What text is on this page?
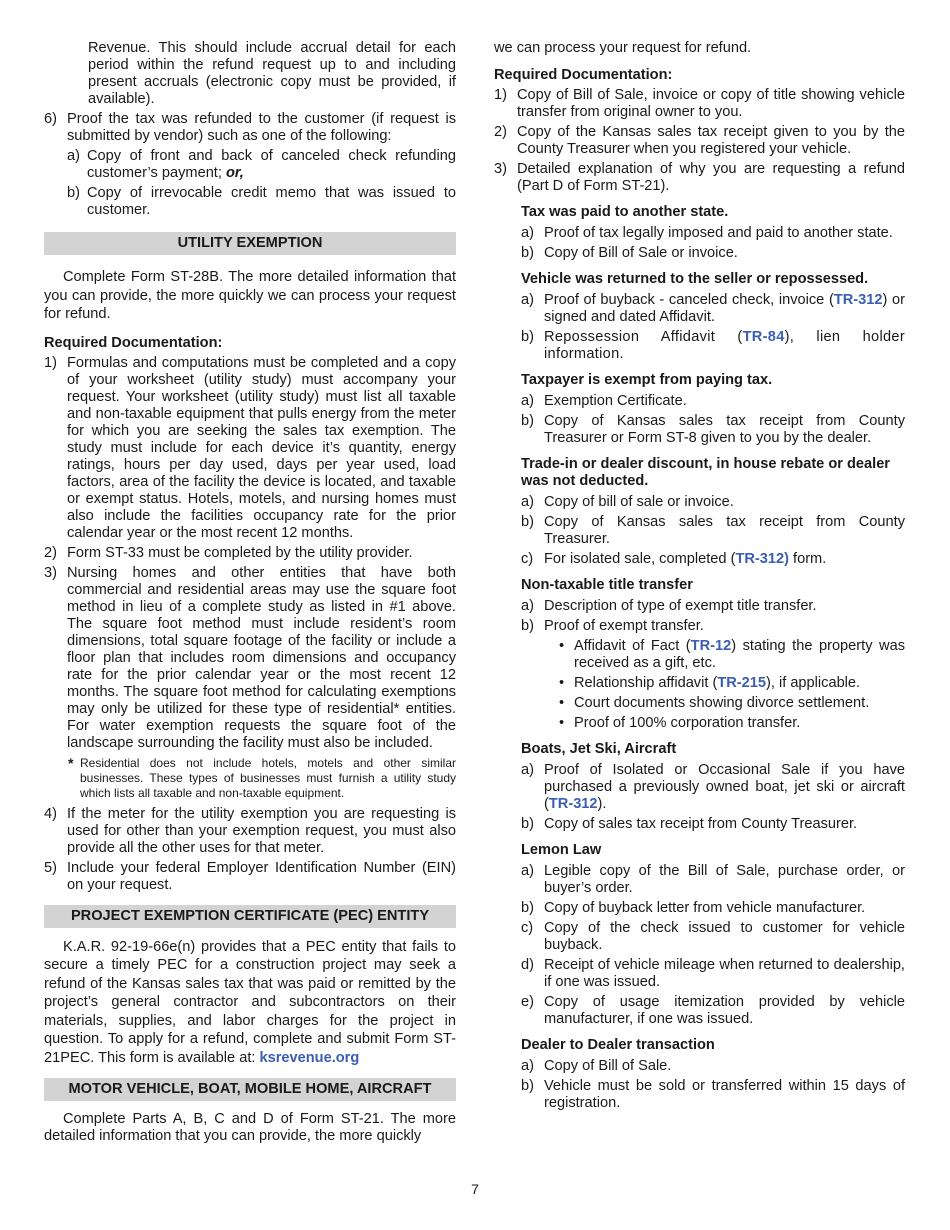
Revenue. This should include accrual detail for each period within the refund request up to and including present accruals (electronic copy must be provided, if available).

6) Proof the tax was refunded to the customer (if request is submitted by vendor) such as one of the following:
a) Copy of front and back of canceled check refunding customer’s payment; or,
b) Copy of irrevocable credit memo that was issued to customer.
UTILITY EXEMPTION

Complete Form ST-28B. The more detailed information that you can provide, the more quickly we can process your request for refund.

Required Documentation:

1) Formulas and computations must be completed and a copy of your worksheet (utility study) must accompany your request. Your worksheet (utility study) must list all taxable and non-taxable equipment that pulls energy from the meter for which you are seeking the sales tax exemption. The study must include for each device it’s quantity, energy ratings, hours per day used, days per year used, load factors, area of the facility the device is located, and taxable or exempt status. Hotels, motels, and nursing homes must also include the facilities occupancy rate for the prior calendar year or the most recent 12 months.
2) Form ST-33 must be completed by the utility provider.
3) Nursing homes and other entities that have both commercial and residential areas may use the square foot method in lieu of a complete study as listed in #1 above. The square foot method must include resident’s room dimensions, total square footage of the facility or include a floor plan that includes room dimensions and occupancy rate for the prior calendar year or the most recent 12 months. The square foot method for calculating exemptions may only be utilized for these type of residential* entities. For water exemption requests the square foot of the landscape surrounding the facility must also be included.
* Residential does not include hotels, motels and other similar businesses. These types of businesses must furnish a utility study which lists all taxable and non-taxable equipment.
4) If the meter for the utility exemption you are requesting is used for other than your exemption request, you must also provide all the other uses for that meter.
5) Include your federal Employer Identification Number (EIN) on your request.
PROJECT EXEMPTION CERTIFICATE (PEC) ENTITY

K.A.R. 92-19-66e(n) provides that a PEC entity that fails to secure a timely PEC for a construction project may seek a refund of the Kansas sales tax that was paid or remitted by the project’s general contractor and subcontractors on their materials, supplies, and labor charges for the project in question. To apply for a refund, complete and submit Form ST-21PEC. This form is available at: ksrevenue.org

MOTOR VEHICLE, BOAT, MOBILE HOME, AIRCRAFT

Complete Parts A, B, C and D of Form ST-21. The more detailed information that you can provide, the more quickly

we can process your request for refund.

Required Documentation:

1) Copy of Bill of Sale, invoice or copy of title showing vehicle transfer from original owner to you.
2) Copy of the Kansas sales tax receipt given to you by the County Treasurer when you registered your vehicle.
3) Detailed explanation of why you are requesting a refund (Part D of Form ST-21).

Tax was paid to another state.

a) Proof of tax legally imposed and paid to another state.
b) Copy of Bill of Sale or invoice.

Vehicle was returned to the seller or repossessed.

a) Proof of buyback - canceled check, invoice (TR-312) or signed and dated Affidavit.
b) Repossession Affidavit (TR-84), lien holder information.

Taxpayer is exempt from paying tax.

a) Exemption Certificate.
b) Copy of Kansas sales tax receipt from County Treasurer or Form ST-8 given to you by the dealer.

Trade-in or dealer discount, in house rebate or dealer was not deducted.

a) Copy of bill of sale or invoice.
b) Copy of Kansas sales tax receipt from County Treasurer.
c) For isolated sale, completed (TR-312) form.

Non-taxable title transfer

a) Description of type of exempt title transfer.
b) Proof of exempt transfer.
• Affidavit of Fact (TR-12) stating the property was received as a gift, etc.
• Relationship affidavit (TR-215), if applicable.
• Court documents showing divorce settlement.
• Proof of 100% corporation transfer.

Boats, Jet Ski, Aircraft

a) Proof of Isolated or Occasional Sale if you have purchased a previously owned boat, jet ski or aircraft (TR-312).
b) Copy of sales tax receipt from County Treasurer.

Lemon Law

a) Legible copy of the Bill of Sale, purchase order, or buyer’s order.
b) Copy of buyback letter from vehicle manufacturer.
c) Copy of the check issued to customer for vehicle buyback.
d) Receipt of vehicle mileage when returned to dealership, if one was issued.
e) Copy of usage itemization provided by vehicle manufacturer, if one was issued.

Dealer to Dealer transaction

a) Copy of Bill of Sale.
b) Vehicle must be sold or transferred within 15 days of registration.
7
